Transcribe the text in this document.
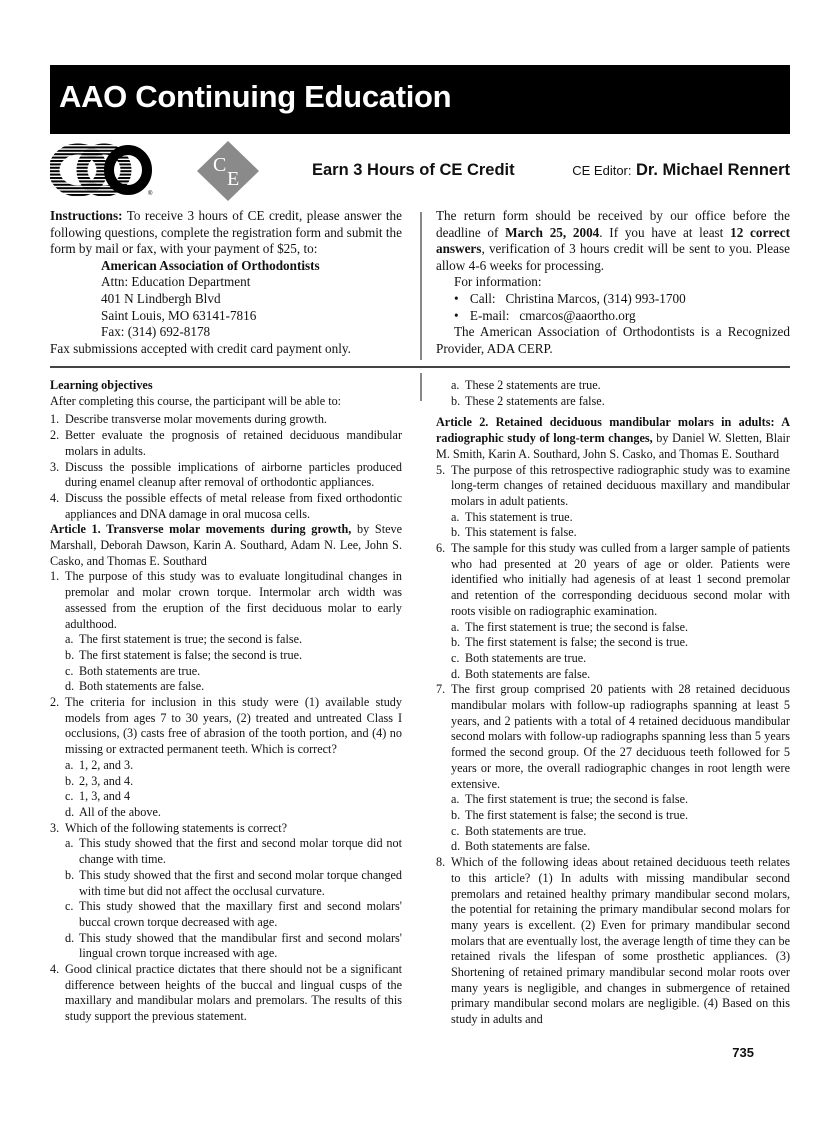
AAO Continuing Education
®
C
E	Earn 3 Hours of CE Credit	CE Editor: Dr. Michael Rennert

Instructions: To receive 3 hours of CE credit, please answer the following questions, complete the registration form and submit the form by mail or fax, with your payment of $25, to:

American Association of Orthodontists

Attn: Education Department

401 N Lindbergh Blvd

Saint Louis, MO 63141-7816

Fax: (314) 692-8178

Fax submissions accepted with credit card payment only.

The return form should be received by our office before the deadline of March 25, 2004. If you have at least 12 correct answers, verification of 3 hours credit will be sent to you. Please allow 4-6 weeks for processing.

For information:

• Call: Christina Marcos, (314) 993-1700

• E-mail: cmarcos@aaortho.org

The American Association of Orthodontists is a Recognized Provider, ADA CERP.

Learning objectives

After completing this course, the participant will be able to:

1. Describe transverse molar movements during growth.
2. Better evaluate the prognosis of retained deciduous mandibular molars in adults.
3. Discuss the possible implications of airborne particles produced during enamel cleanup after removal of orthodontic appliances.
4. Discuss the possible effects of metal release from fixed orthodontic appliances and DNA damage in oral mucosa cells.

Article 1. Transverse molar movements during growth, by Steve Marshall, Deborah Dawson, Karin A. Southard, Adam N. Lee, John S. Casko, and Thomas E. Southard

1. The purpose of this study was to evaluate longitudinal changes in premolar and molar crown torque. Intermolar arch width was assessed from the eruption of the first deciduous molar to early adulthood.
a. The first statement is true; the second is false.
b. The first statement is false; the second is true.
c. Both statements are true.
d. Both statements are false.
2. The criteria for inclusion in this study were (1) available study models from ages 7 to 30 years, (2) treated and untreated Class I occlusions, (3) casts free of abrasion of the tooth portion, and (4) no missing or extracted permanent teeth. Which is correct?
a. 1, 2, and 3.
b. 2, 3, and 4.
c. 1, 3, and 4
d. All of the above.
3. Which of the following statements is correct?
a. This study showed that the first and second molar torque did not change with time.
b. This study showed that the first and second molar torque changed with time but did not affect the occlusal curvature.
c. This study showed that the maxillary first and second molars' buccal crown torque decreased with age.
d. This study showed that the mandibular first and second molars' lingual crown torque increased with age.
4. Good clinical practice dictates that there should not be a significant difference between heights of the buccal and lingual cusps of the maxillary and mandibular molars and premolars. The results of this study support the previous statement.
a. These 2 statements are true.
b. These 2 statements are false.

Article 2. Retained deciduous mandibular molars in adults: A radiographic study of long-term changes, by Daniel W. Sletten, Blair M. Smith, Karin A. Southard, John S. Casko, and Thomas E. Southard

5. The purpose of this retrospective radiographic study was to examine long-term changes of retained deciduous maxillary and mandibular molars in adult patients.
a. This statement is true.
b. This statement is false.
6. The sample for this study was culled from a larger sample of patients who had presented at 20 years of age or older. Patients were identified who initially had agenesis of at least 1 second premolar and retention of the corresponding deciduous second molar with roots visible on radiographic examination.
a. The first statement is true; the second is false.
b. The first statement is false; the second is true.
c. Both statements are true.
d. Both statements are false.
7. The first group comprised 20 patients with 28 retained deciduous mandibular molars with follow-up radiographs spanning at least 5 years, and 2 patients with a total of 4 retained deciduous mandibular second molars with follow-up radiographs spanning less than 5 years formed the second group. Of the 27 deciduous teeth followed for 5 years or more, the overall radiographic changes in root length were extensive.
a. The first statement is true; the second is false.
b. The first statement is false; the second is true.
c. Both statements are true.
d. Both statements are false.
8. Which of the following ideas about retained deciduous teeth relates to this article? (1) In adults with missing mandibular second premolars and retained healthy primary mandibular second molars, the potential for retaining the primary mandibular second molars for many years is excellent. (2) Even for primary mandibular second molars that are eventually lost, the average length of time they can be retained rivals the lifespan of some prosthetic appliances. (3) Shortening of retained primary mandibular second molar roots over many years is negligible, and changes in submergence of retained primary mandibular second molars are negligible. (4) Based on this study in adults and
735
